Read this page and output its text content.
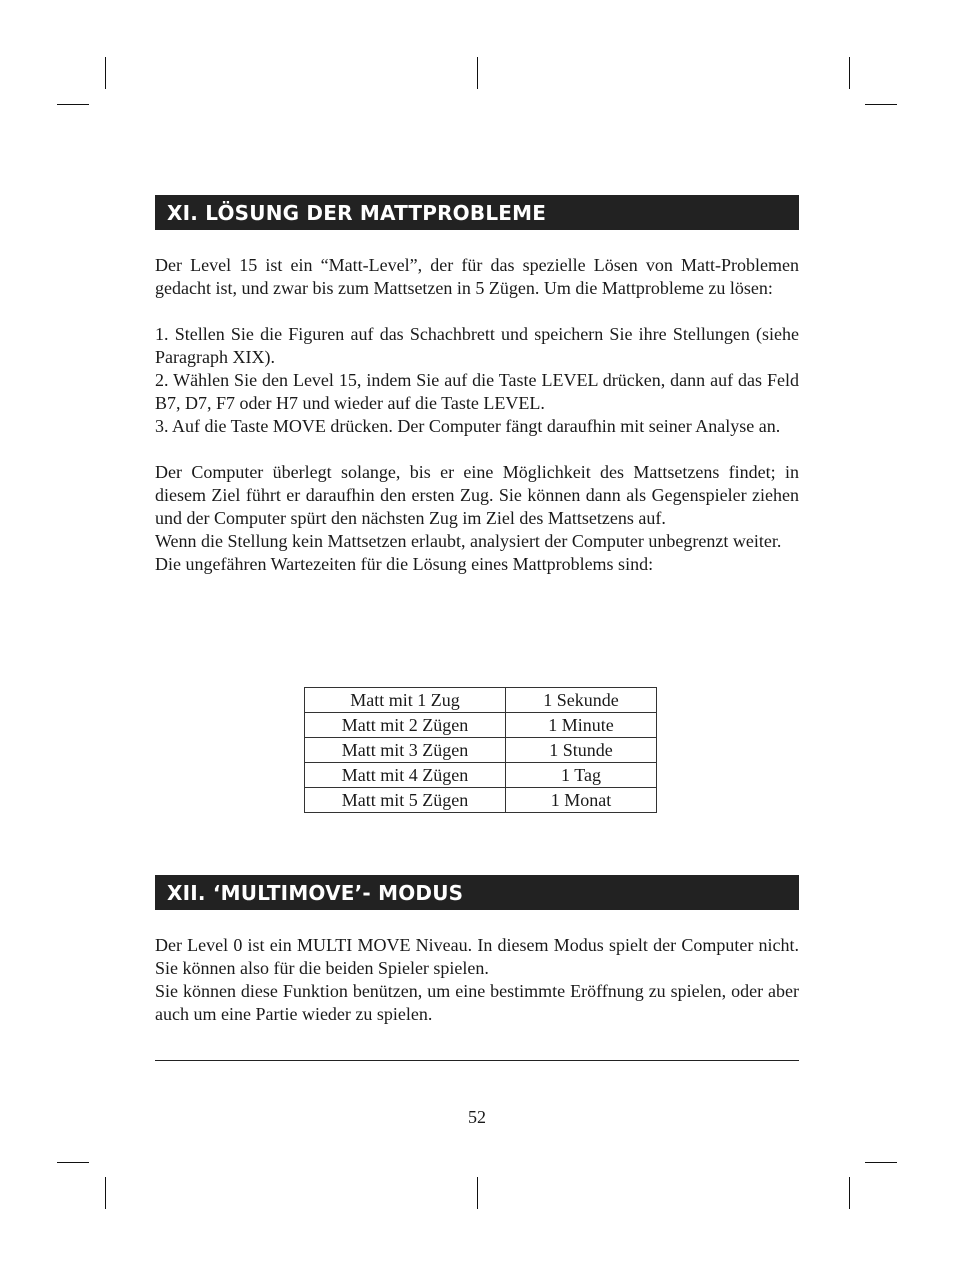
XI. LÖSUNG DER MATTPROBLEME

Der Level 15 ist ein “Matt-Level”, der für das spezielle Lösen von Matt-Problemen gedacht ist, und zwar bis zum Mattsetzen in 5 Zügen. Um die Mattprobleme zu lösen:

1. Stellen Sie die Figuren auf das Schachbrett und speichern Sie ihre Stellungen (siehe Paragraph XIX).

2. Wählen Sie den Level 15, indem Sie auf die Taste LEVEL drücken, dann auf das Feld B7, D7, F7 oder H7 und wieder auf die Taste LEVEL.

3. Auf die Taste MOVE drücken. Der Computer fängt daraufhin mit seiner Analyse an.

Der Computer überlegt solange, bis er eine Möglichkeit des Mattsetzens findet; in diesem Ziel führt er daraufhin den ersten Zug. Sie können dann als Gegenspieler ziehen und der Computer spürt den nächsten Zug im Ziel des Mattsetzens auf.

Wenn die Stellung kein Mattsetzen erlaubt, analysiert der Computer unbegrenzt weiter.

Die ungefähren Wartezeiten für die Lösung eines Mattproblems sind:

Matt mit 1 Zug	1 Sekunde
Matt mit 2 Zügen	1 Minute
Matt mit 3 Zügen	1 Stunde
Matt mit 4 Zügen	1 Tag
Matt mit 5 Zügen	1 Monat
XII. ‘MULTIMOVE’- MODUS

Der Level 0 ist ein MULTI MOVE Niveau. In diesem Modus spielt der Computer nicht. Sie können also für die beiden Spieler spielen.

Sie können diese Funktion benützen, um eine bestimmte Eröffnung zu spielen, oder aber auch um eine Partie wieder zu spielen.

52
